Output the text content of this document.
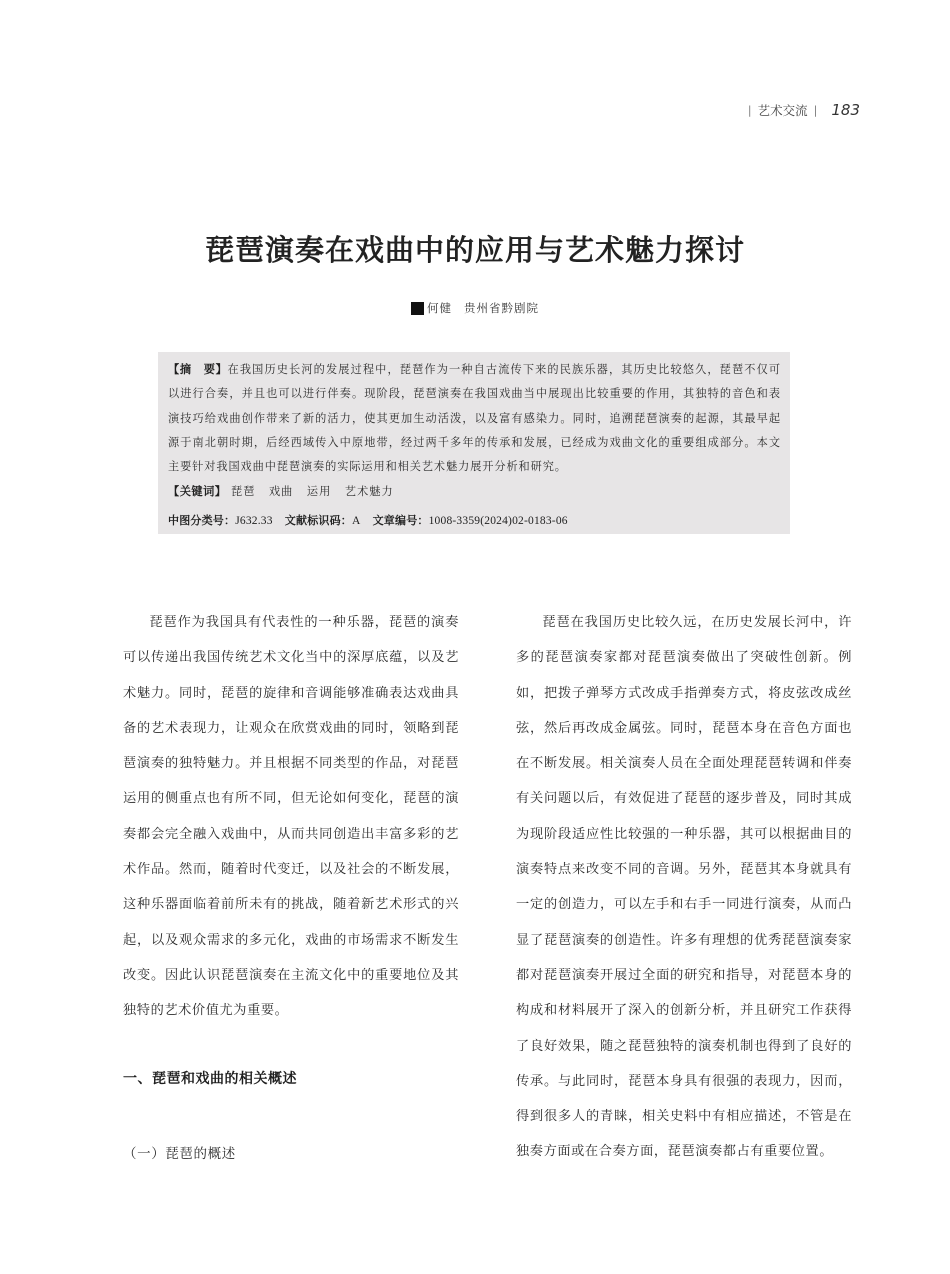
| 艺术交流 | 183
琵琶演奏在戏曲中的应用与艺术魅力探讨
何健 贵州省黔剧院
【摘　要】在我国历史长河的发展过程中，琵琶作为一种自古流传下来的民族乐器，其历史比较悠久，琵琶不仅可以进行合奏，并且也可以进行伴奏。现阶段，琵琶演奏在我国戏曲当中展现出比较重要的作用，其独特的音色和表演技巧给戏曲创作带来了新的活力，使其更加生动活泼，以及富有感染力。同时，追溯琵琶演奏的起源，其最早起源于南北朝时期，后经西域传入中原地带，经过两千多年的传承和发展，已经成为戏曲文化的重要组成部分。本文主要针对我国戏曲中琵琶演奏的实际运用和相关艺术魅力展开分析和研究。
【关键词】 琵琶 戏曲 运用 艺术魅力
中图分类号：J632.33 文献标识码：A 文章编号：1008-3359(2024)02-0183-06

琵琶作为我国具有代表性的一种乐器，琵琶的演奏可以传递出我国传统艺术文化当中的深厚底蕴，以及艺术魅力。同时，琵琶的旋律和音调能够准确表达戏曲具备的艺术表现力，让观众在欣赏戏曲的同时，领略到琵琶演奏的独特魅力。并且根据不同类型的作品，对琵琶运用的侧重点也有所不同，但无论如何变化，琵琶的演奏都会完全融入戏曲中，从而共同创造出丰富多彩的艺术作品。然而，随着时代变迁，以及社会的不断发展，这种乐器面临着前所未有的挑战，随着新艺术形式的兴起，以及观众需求的多元化，戏曲的市场需求不断发生改变。因此认识琵琶演奏在主流文化中的重要地位及其独特的艺术价值尤为重要。

一、琵琶和戏曲的相关概述
（一）琵琶的概述

琵琶在我国历史比较久远，在历史发展长河中，许多的琵琶演奏家都对琵琶演奏做出了突破性创新。例如，把拨子弹琴方式改成手指弹奏方式，将皮弦改成丝弦，然后再改成金属弦。同时，琵琶本身在音色方面也在不断发展。相关演奏人员在全面处理琵琶转调和伴奏有关问题以后，有效促进了琵琶的逐步普及，同时其成为现阶段适应性比较强的一种乐器，其可以根据曲目的演奏特点来改变不同的音调。另外，琵琶其本身就具有一定的创造力，可以左手和右手一同进行演奏，从而凸显了琵琶演奏的创造性。许多有理想的优秀琵琶演奏家都对琵琶演奏开展过全面的研究和指导，对琵琶本身的构成和材料展开了深入的创新分析，并且研究工作获得了良好效果，随之琵琶独特的演奏机制也得到了良好的传承。与此同时，琵琶本身具有很强的表现力，因而，得到很多人的青睐，相关史料中有相应描述，不管是在独奏方面或在合奏方面，琵琶演奏都占有重要位置。
